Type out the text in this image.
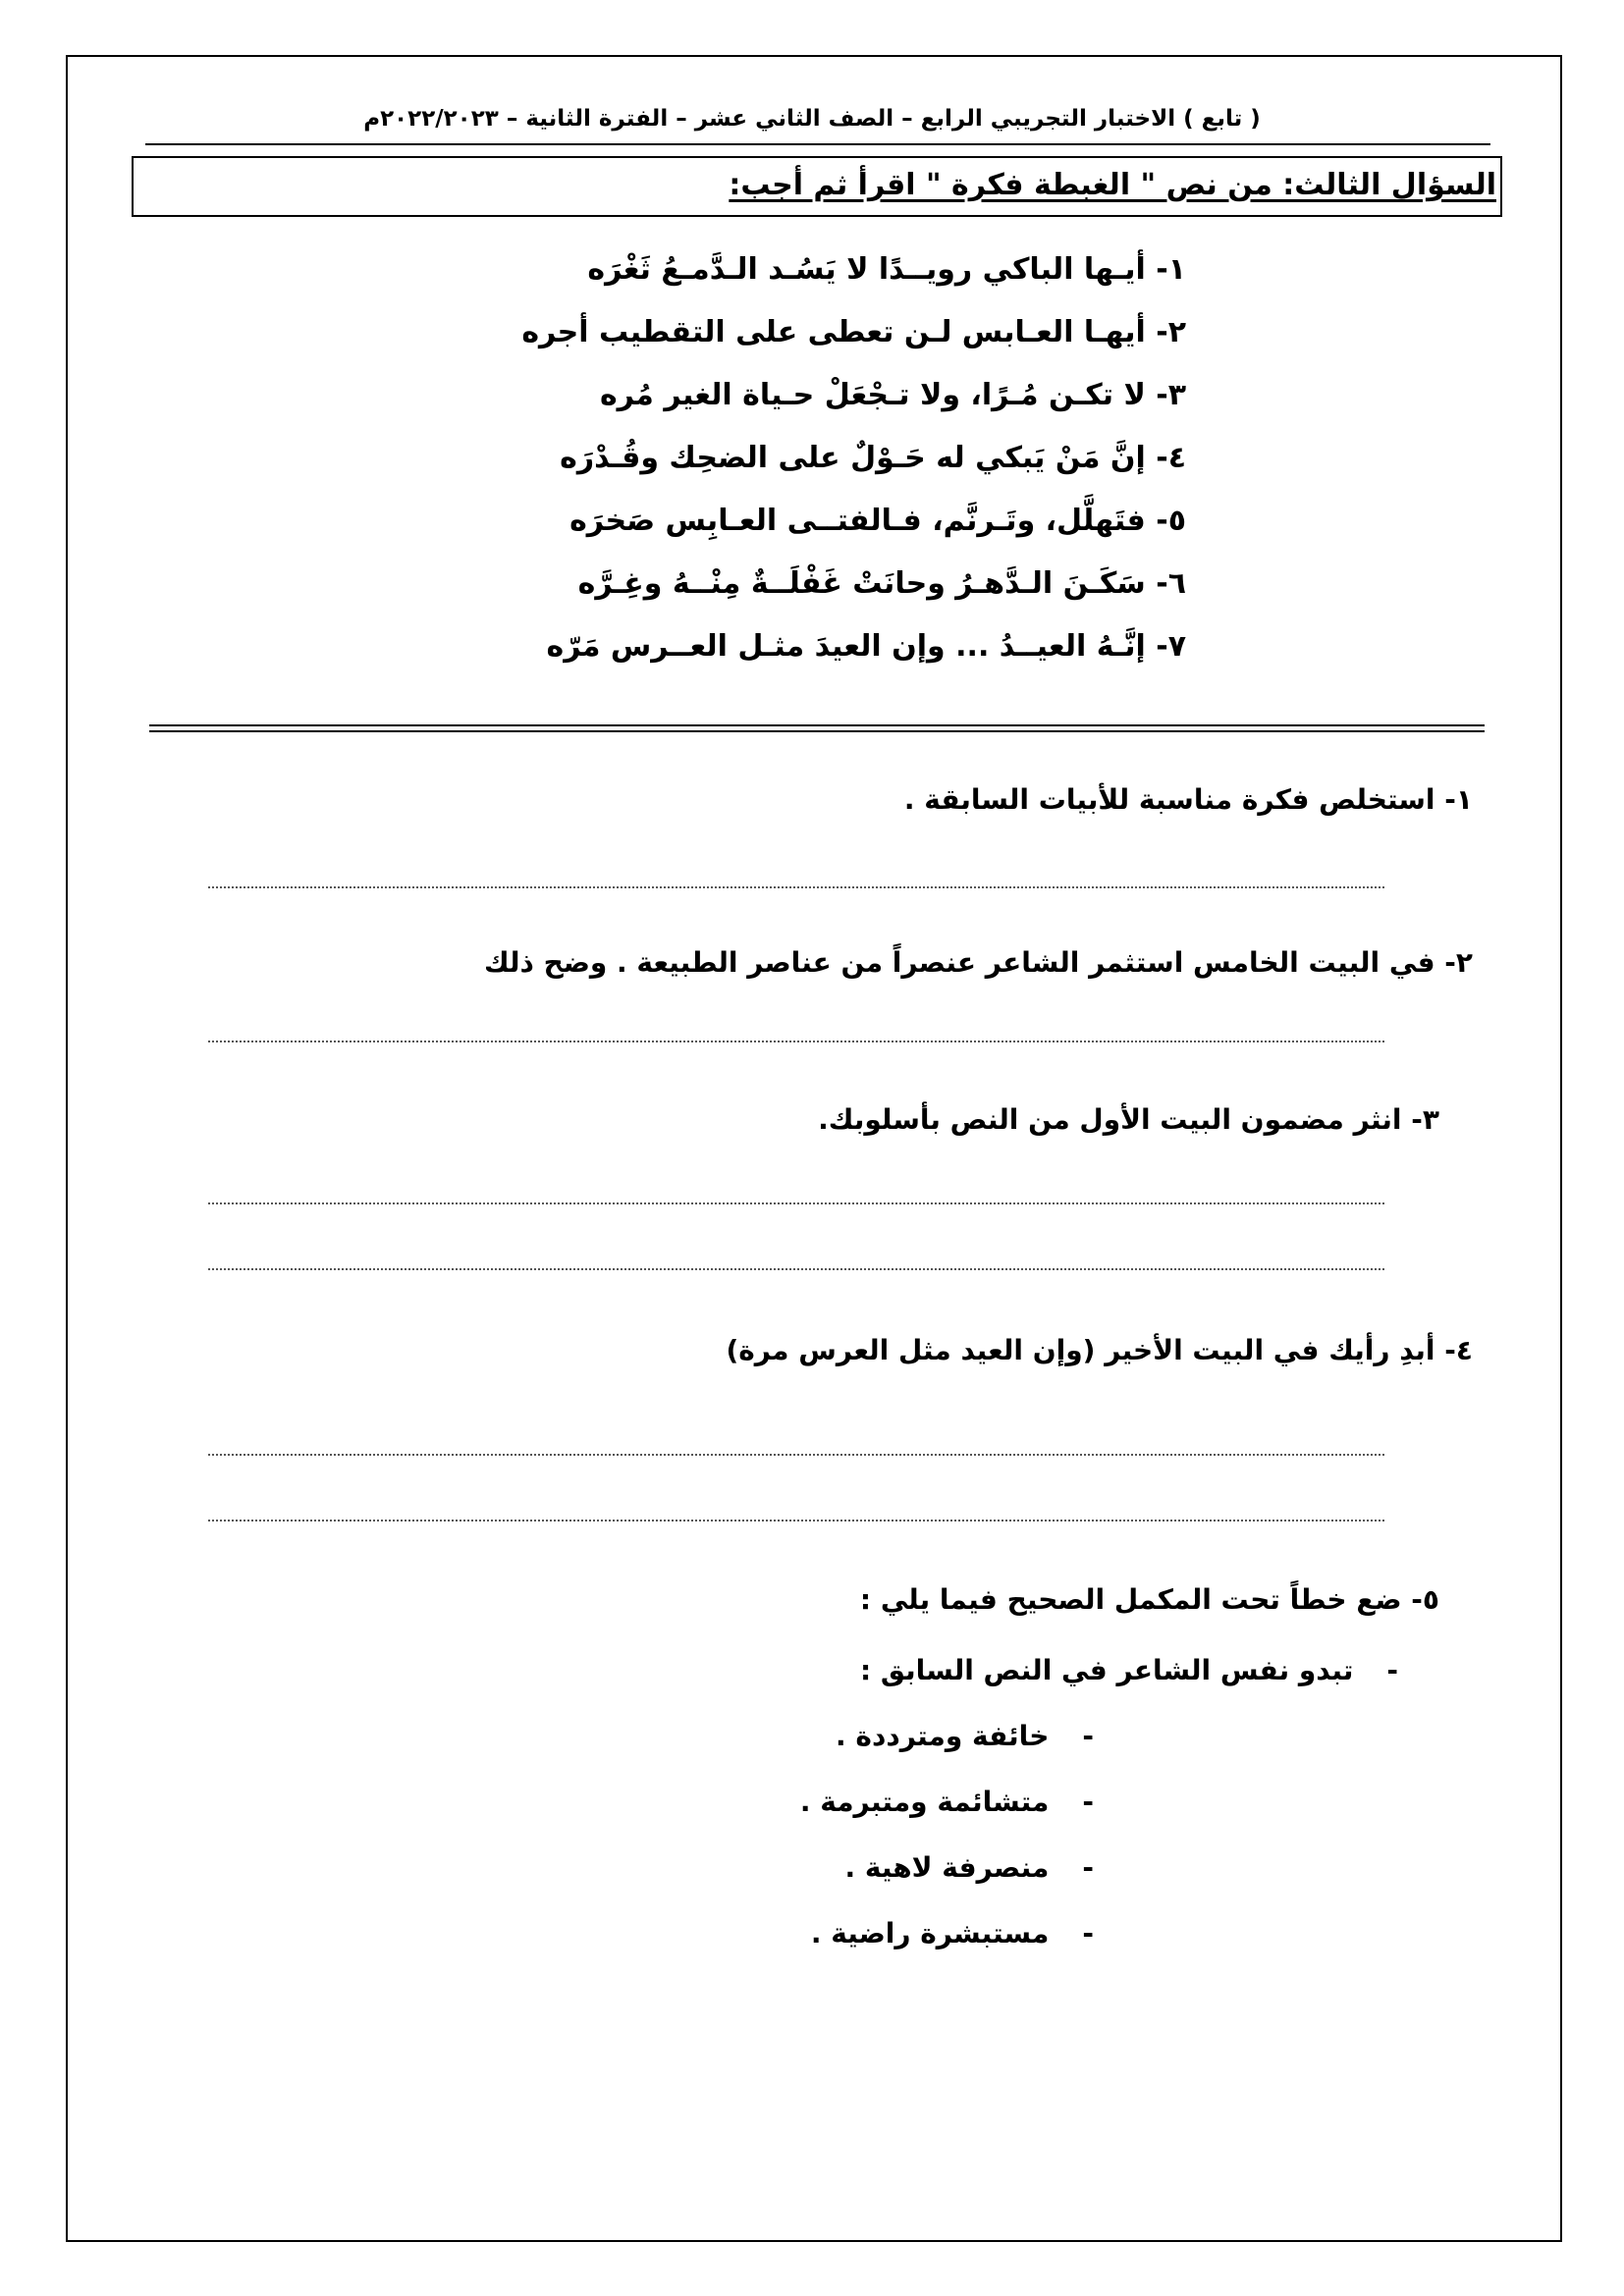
( تابع ) الاختبار التجريبي الرابع – الصف الثاني عشر – الفترة الثانية – ٢٠٢٢/٢٠٢٣م
السؤال الثالث: من نص " الغبطة فكرة " اقرأ ثم أجب:
١- أيـها الباكي رويــدًا لا يَسُـد الـدَّمـعُ ثَغْرَه
٢- أيهـا العـابس لـن تعطى على التقطيب أجره
٣- لا تكـن مُـرًا، ولا تـجْعَلْ حـياة الغير مُره
٤- إنَّ مَنْ يَبكي له حَـوْلٌ على الضحِك وقُـدْرَه
٥- فتَهلَّل، وتَـرنَّم، فـالفتــى العـابِس صَخرَه
٦- سَكَـنَ الـدَّهـرُ وحانَتْ غَفْلَــةٌ مِنْــهُ وغِـرَّه
٧- إنَّـهُ العيــدُ ... وإن العيدَ مثـل العــرس مَرّه
١- استخلص فكرة مناسبة للأبيات السابقة .
٢- في البيت الخامس استثمر الشاعر عنصراً من عناصر الطبيعة . وضح ذلك
٣- انثر مضمون البيت الأول من النص بأسلوبك.
٤- أبدِ رأيك في البيت الأخير (وإن العيد مثل العرس مرة)
٥- ضع خطاً تحت المكمل الصحيح فيما يلي :
-تبدو نفس الشاعر في النص السابق :
-خائفة ومترددة .
-متشائمة ومتبرمة .
-منصرفة لاهية .
-مستبشرة راضية .
